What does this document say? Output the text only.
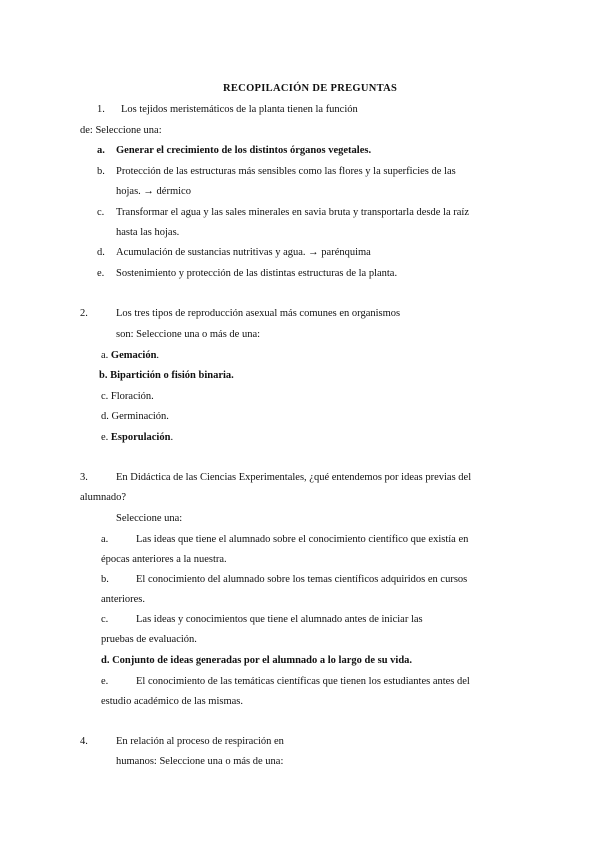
RECOPILACIÓN DE PREGUNTAS
1. Los tejidos meristemáticos de la planta tienen la función
de: Seleccione una:
a. Generar el crecimiento de los distintos órganos vegetales.
b. Protección de las estructuras más sensibles como las flores y la superficies de las
hojas. → dérmico
c. Transformar el agua y las sales minerales en savia bruta y transportarla desde la raíz
hasta las hojas.
d. Acumulación de sustancias nutritivas y agua. → parénquima
e. Sostenimiento y protección de las distintas estructuras de la planta.
2.	Los tres tipos de reproducción asexual más comunes en organismos
son: Seleccione una o más de una:
a. Gemación.
b. Bipartición o fisión binaria.
c. Floración.
d. Germinación.
e. Esporulación.
3.	En Didáctica de las Ciencias Experimentales, ¿qué entendemos por ideas previas del
alumnado?
Seleccione una:
a.	Las ideas que tiene el alumnado sobre el conocimiento científico que existía en
épocas anteriores a la nuestra.
b.	El conocimiento del alumnado sobre los temas científicos adquiridos en cursos
anteriores.
c.	Las ideas y conocimientos que tiene el alumnado antes de iniciar las
pruebas de evaluación.
d. Conjunto de ideas generadas por el alumnado a lo largo de su vida.
e.	El conocimiento de las temáticas científicas que tienen los estudiantes antes del
estudio académico de las mismas.
4.	En relación al proceso de respiración en
humanos: Seleccione una o más de una:
